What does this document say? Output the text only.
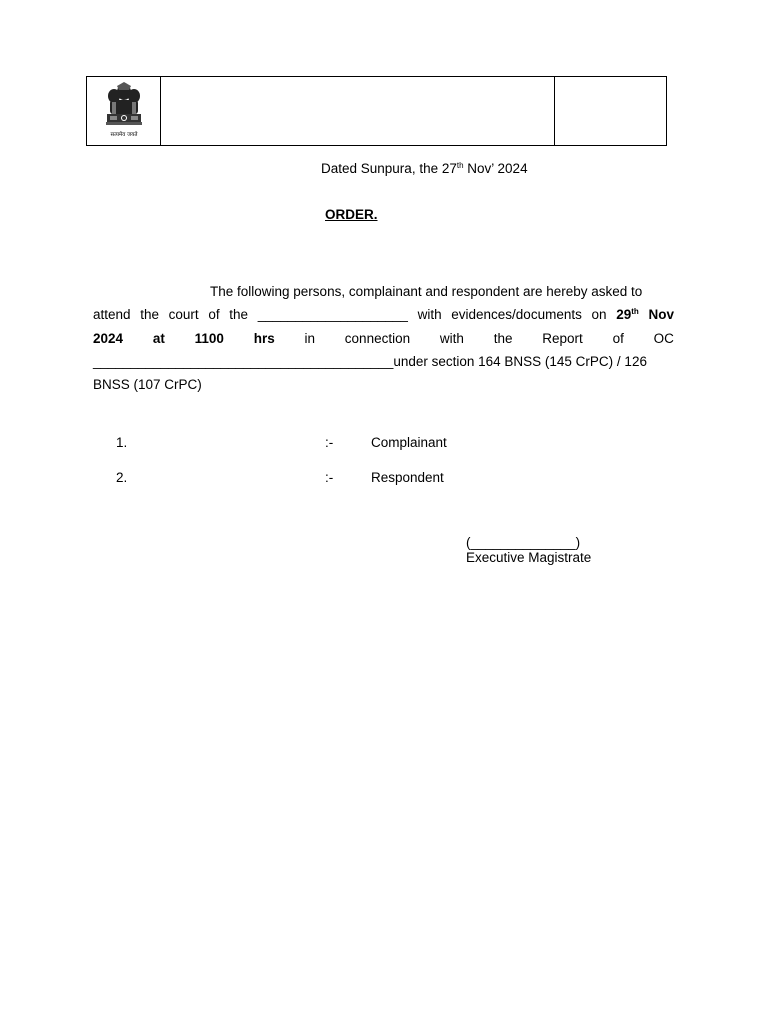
सत्यमेव जयते

Dated Sunpura, the 27th Nov’ 2024
ORDER.
The following persons, complainant and respondent are hereby asked to
attend the court of the ____________________ with evidences/documents on 29th Nov
2024 at 1100 hrs in connection with the Report of OC
________________________________________under section 164 BNSS (145 CrPC) / 126
BNSS (107 CrPC)
1.	:-	Complainant
2.	:-	Respondent
(______________)
Executive Magistrate
